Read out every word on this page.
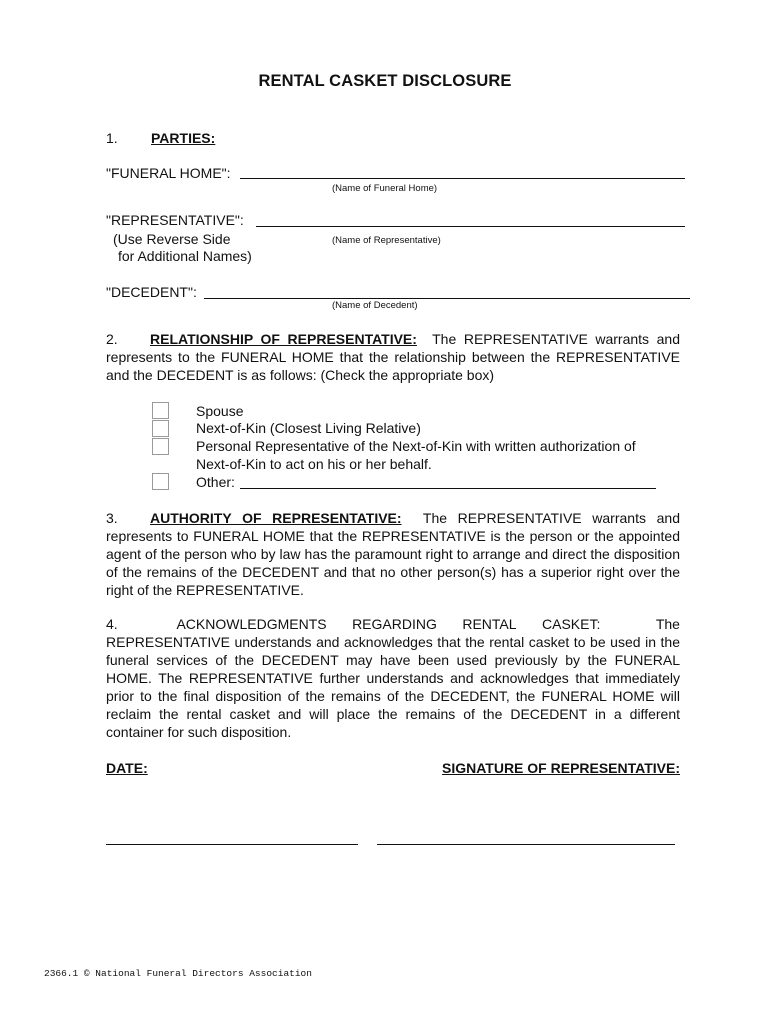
RENTAL CASKET DISCLOSURE
1. PARTIES:
"FUNERAL HOME":
(Name of Funeral Home)
"REPRESENTATIVE":
(Use Reverse Side
for Additional Names)
(Name of Representative)
"DECEDENT":
(Name of Decedent)
2. RELATIONSHIP OF REPRESENTATIVE: The REPRESENTATIVE warrants and represents to the FUNERAL HOME that the relationship between the REPRESENTATIVE and the DECEDENT is as follows: (Check the appropriate box)
Spouse
Next-of-Kin (Closest Living Relative)
Personal Representative of the Next-of-Kin with written authorization of
Next-of-Kin to act on his or her behalf.
Other:
3. AUTHORITY OF REPRESENTATIVE: The REPRESENTATIVE warrants and represents to FUNERAL HOME that the REPRESENTATIVE is the person or the appointed agent of the person who by law has the paramount right to arrange and direct the disposition of the remains of the DECEDENT and that no other person(s) has a superior right over the right of the REPRESENTATIVE.
4.	ACKNOWLEDGMENTS REGARDING RENTAL CASKET:	The
REPRESENTATIVE understands and acknowledges that the rental casket to be used in the funeral services of the DECEDENT may have been used previously by the FUNERAL HOME. The REPRESENTATIVE further understands and acknowledges that immediately prior to the final disposition of the remains of the DECEDENT, the FUNERAL HOME will reclaim the rental casket and will place the remains of the DECEDENT in a different container for such disposition.
DATE:	SIGNATURE OF REPRESENTATIVE:
2366.1 © National Funeral Directors Association
